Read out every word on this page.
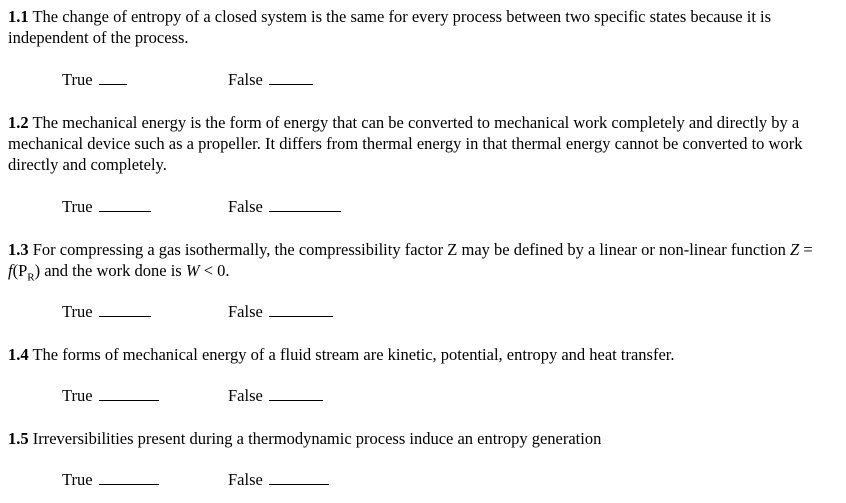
1.1 The change of entropy of a closed system is the same for every process between two specific states because it is independent of the process.

True	False

1.2 The mechanical energy is the form of energy that can be converted to mechanical work completely and directly by a mechanical device such as a propeller. It differs from thermal energy in that thermal energy cannot be converted to work directly and completely.

True	False

1.3 For compressing a gas isothermally, the compressibility factor Z may be defined by a linear or non-linear function $Z = f(P_R)$ and the work done is W < 0.

True	False

1.4 The forms of mechanical energy of a fluid stream are kinetic, potential, entropy and heat transfer.

True	False

1.5 Irreversibilities present during a thermodynamic process induce an entropy generation

True	False
